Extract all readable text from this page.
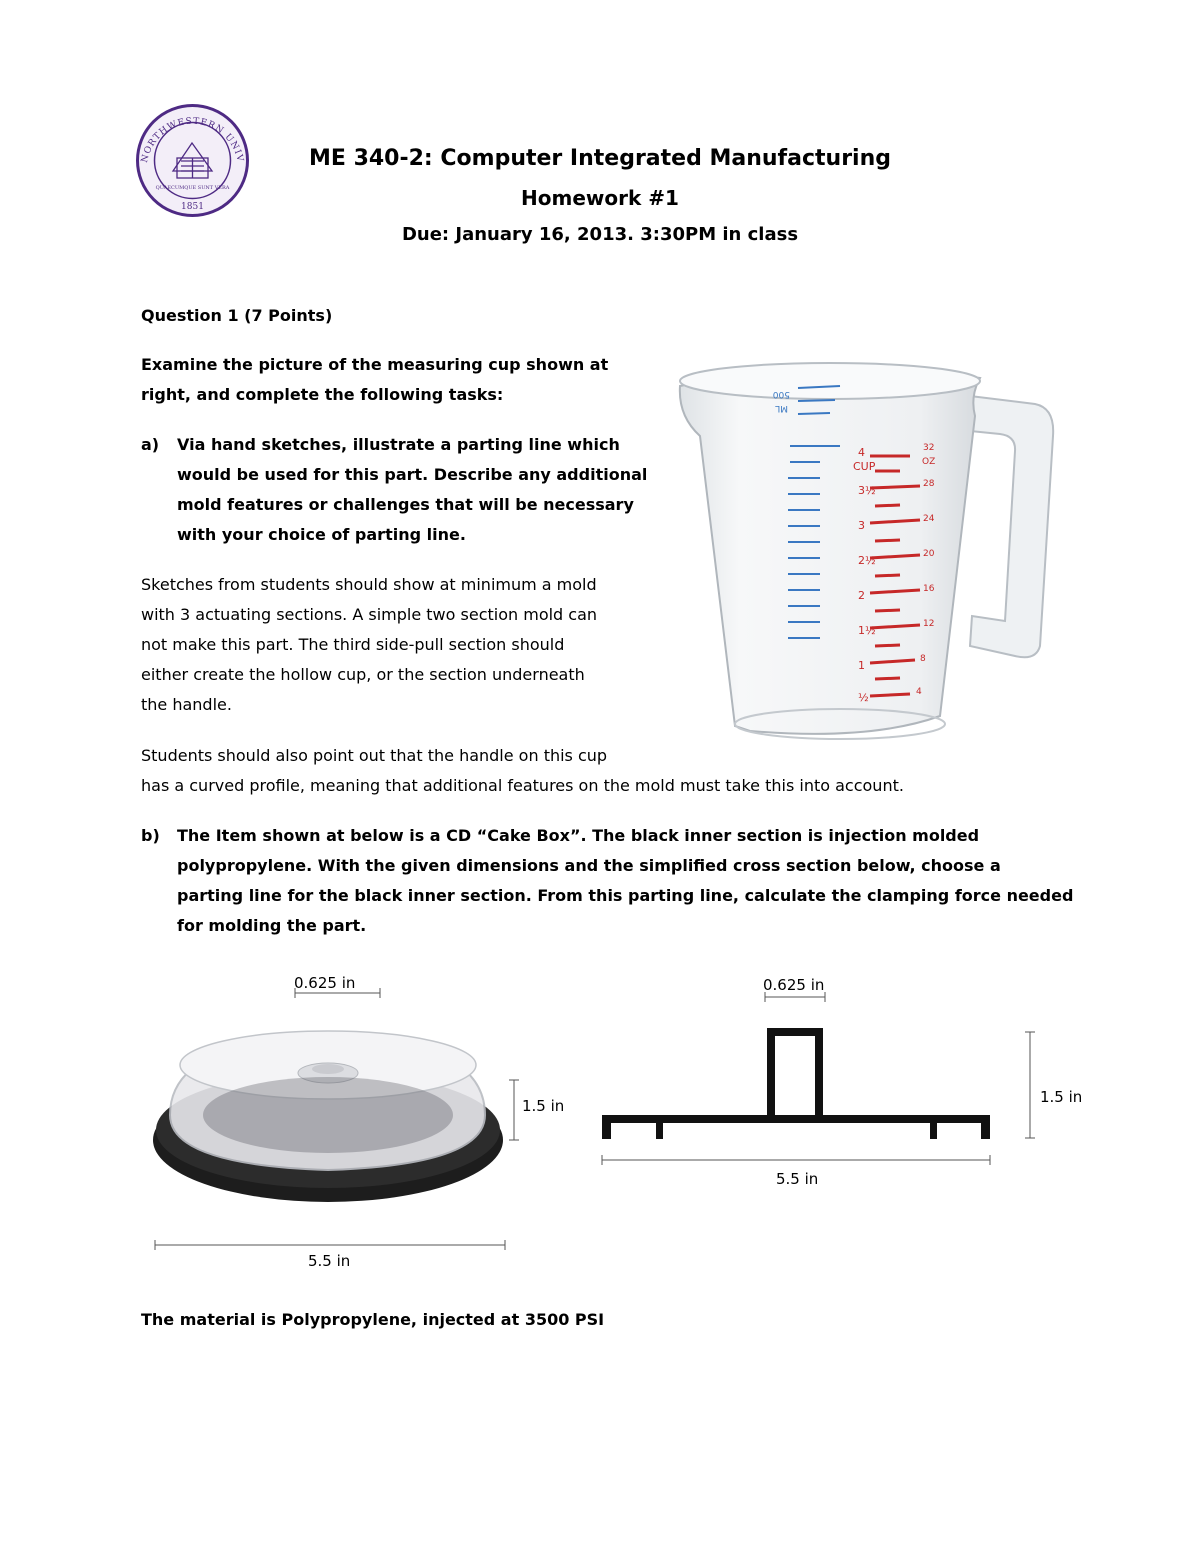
NORTHWESTERN UNIV
1851
QUAECUMQUE SUNT VERA
ME 340-2: Computer Integrated Manufacturing
Homework #1
Due: January 16, 2013. 3:30PM in class
Question 1 (7 Points)
Examine the picture of the measuring cup shown at
right, and complete the following tasks:
a) Via hand sketches, illustrate a parting line which
would be used for this part. Describe any additional
mold features or challenges that will be necessary
with your choice of parting line.
Sketches from students should show at minimum a mold
with 3 actuating sections. A simple two section mold can
not make this part. The third side-pull section should
either create the hollow cup, or the section underneath
the handle.
Students should also point out that the handle on this cup
has a curved profile, meaning that additional features on the mold must take this into account.
b) The Item shown at below is a CD “Cake Box”. The black inner section is injection molded
polypropylene. With the given dimensions and the simplified cross section below, choose a
parting line for the black inner section. From this parting line, calculate the clamping force needed
for molding the part.
The material is Polypropylene, injected at 3500 PSI
500
ML
4
CUP
3½
3
2½
2
1½
1
½
32
OZ
28
24
20
16
12
8
4
0.625 in
1.5 in
5.5 in
0.625 in
1.5 in
5.5 in
